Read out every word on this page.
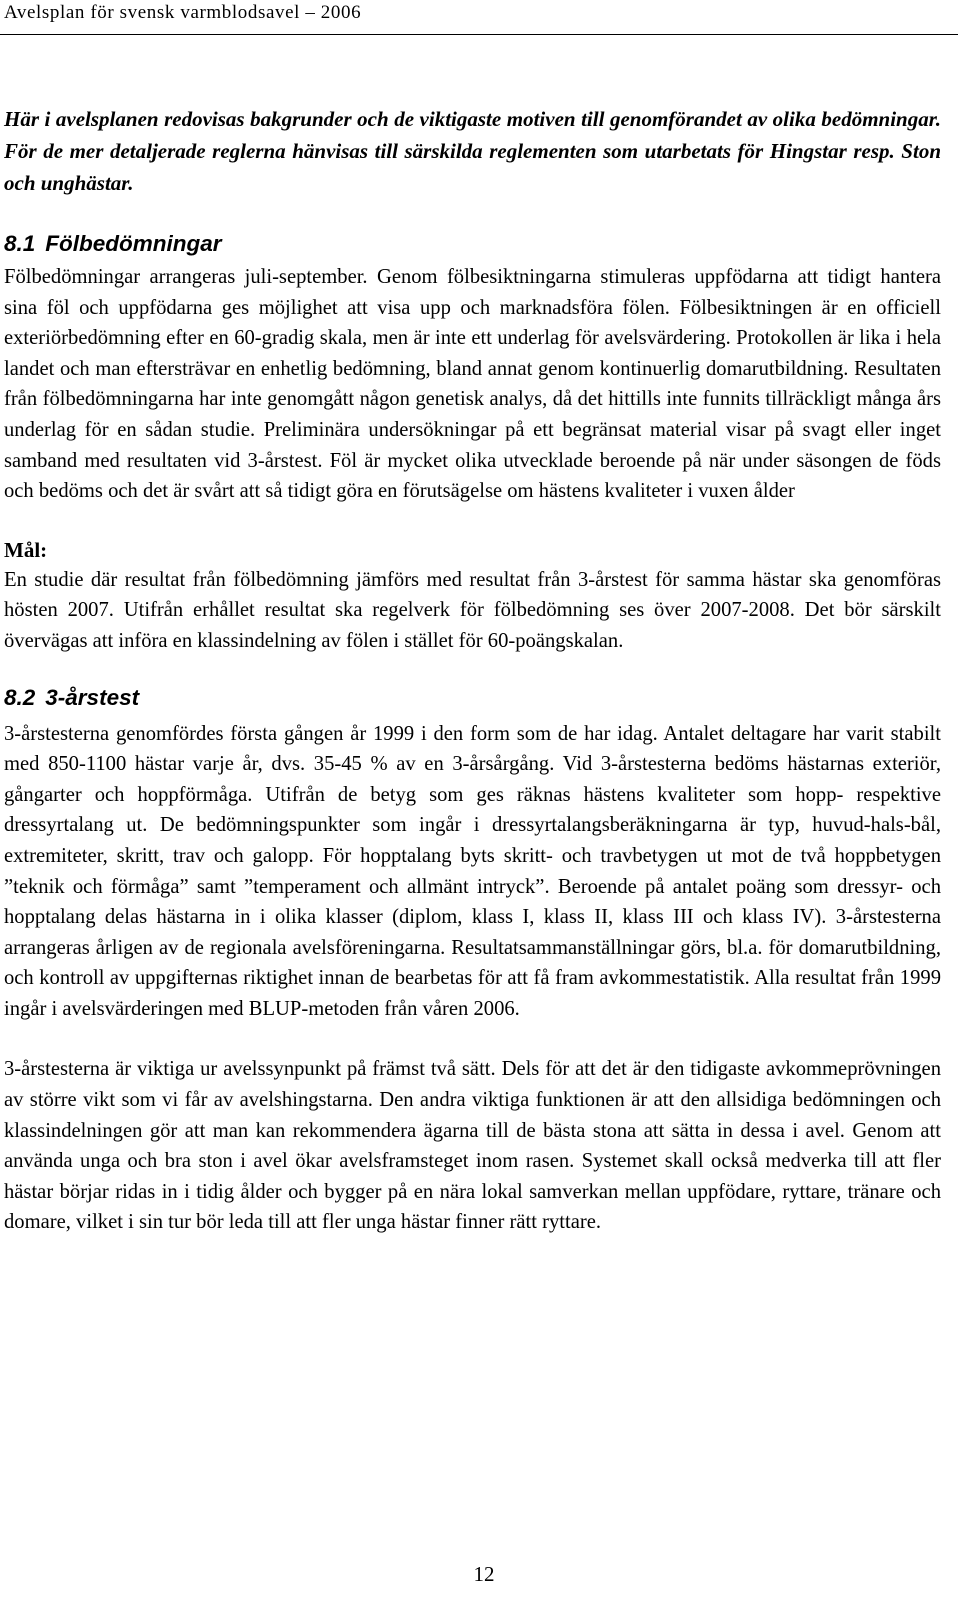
Avelsplan för svensk varmblodsavel – 2006

Här i avelsplanen redovisas bakgrunder och de viktigaste motiven till genomförandet av olika bedömningar. För de mer detaljerade reglerna hänvisas till särskilda reglementen som utarbetats för Hingstar resp. Ston och unghästar.

8.1 Fölbedömningar

Fölbedömningar arrangeras juli-september. Genom fölbesiktningarna stimuleras uppfödarna att tidigt hantera sina föl och uppfödarna ges möjlighet att visa upp och marknadsföra fölen. Fölbesiktningen är en officiell exteriörbedömning efter en 60-gradig skala, men är inte ett underlag för avelsvärdering. Protokollen är lika i hela landet och man eftersträvar en enhetlig bedömning, bland annat genom kontinuerlig domarutbildning. Resultaten från fölbedömningarna har inte genomgått någon genetisk analys, då det hittills inte funnits tillräckligt många års underlag för en sådan studie. Preliminära undersökningar på ett begränsat material visar på svagt eller inget samband med resultaten vid 3-årstest. Föl är mycket olika utvecklade beroende på när under säsongen de föds och bedöms och det är svårt att så tidigt göra en förutsägelse om hästens kvaliteter i vuxen ålder

Mål:

En studie där resultat från fölbedömning jämförs med resultat från 3-årstest för samma hästar ska genomföras hösten 2007. Utifrån erhållet resultat ska regelverk för fölbedömning ses över 2007-2008. Det bör särskilt övervägas att införa en klassindelning av fölen i stället för 60-poängskalan.

8.2 3-årstest

3-årstesterna genomfördes första gången år 1999 i den form som de har idag. Antalet deltagare har varit stabilt med 850-1100 hästar varje år, dvs. 35-45 % av en 3-årsårgång. Vid 3-årstesterna bedöms hästarnas exteriör, gångarter och hoppförmåga. Utifrån de betyg som ges räknas hästens kvaliteter som hopp- respektive dressyrtalang ut. De bedömningspunkter som ingår i dressyrtalangsberäkningarna är typ, huvud-hals-bål, extremiteter, skritt, trav och galopp. För hopptalang byts skritt- och travbetygen ut mot de två hoppbetygen ”teknik och förmåga” samt ”temperament och allmänt intryck”. Beroende på antalet poäng som dressyr- och hopptalang delas hästarna in i olika klasser (diplom, klass I, klass II, klass III och klass IV). 3-årstesterna arrangeras årligen av de regionala avelsföreningarna. Resultatsammanställningar görs, bl.a. för domarutbildning, och kontroll av uppgifternas riktighet innan de bearbetas för att få fram avkommestatistik. Alla resultat från 1999 ingår i avelsvärderingen med BLUP-metoden från våren 2006.

3-årstesterna är viktiga ur avelssynpunkt på främst två sätt. Dels för att det är den tidigaste avkommeprövningen av större vikt som vi får av avelshingstarna. Den andra viktiga funktionen är att den allsidiga bedömningen och klassindelningen gör att man kan rekommendera ägarna till de bästa stona att sätta in dessa i avel. Genom att använda unga och bra ston i avel ökar avelsframsteget inom rasen. Systemet skall också medverka till att fler hästar börjar ridas in i tidig ålder och bygger på en nära lokal samverkan mellan uppfödare, ryttare, tränare och domare, vilket i sin tur bör leda till att fler unga hästar finner rätt ryttare.

12
